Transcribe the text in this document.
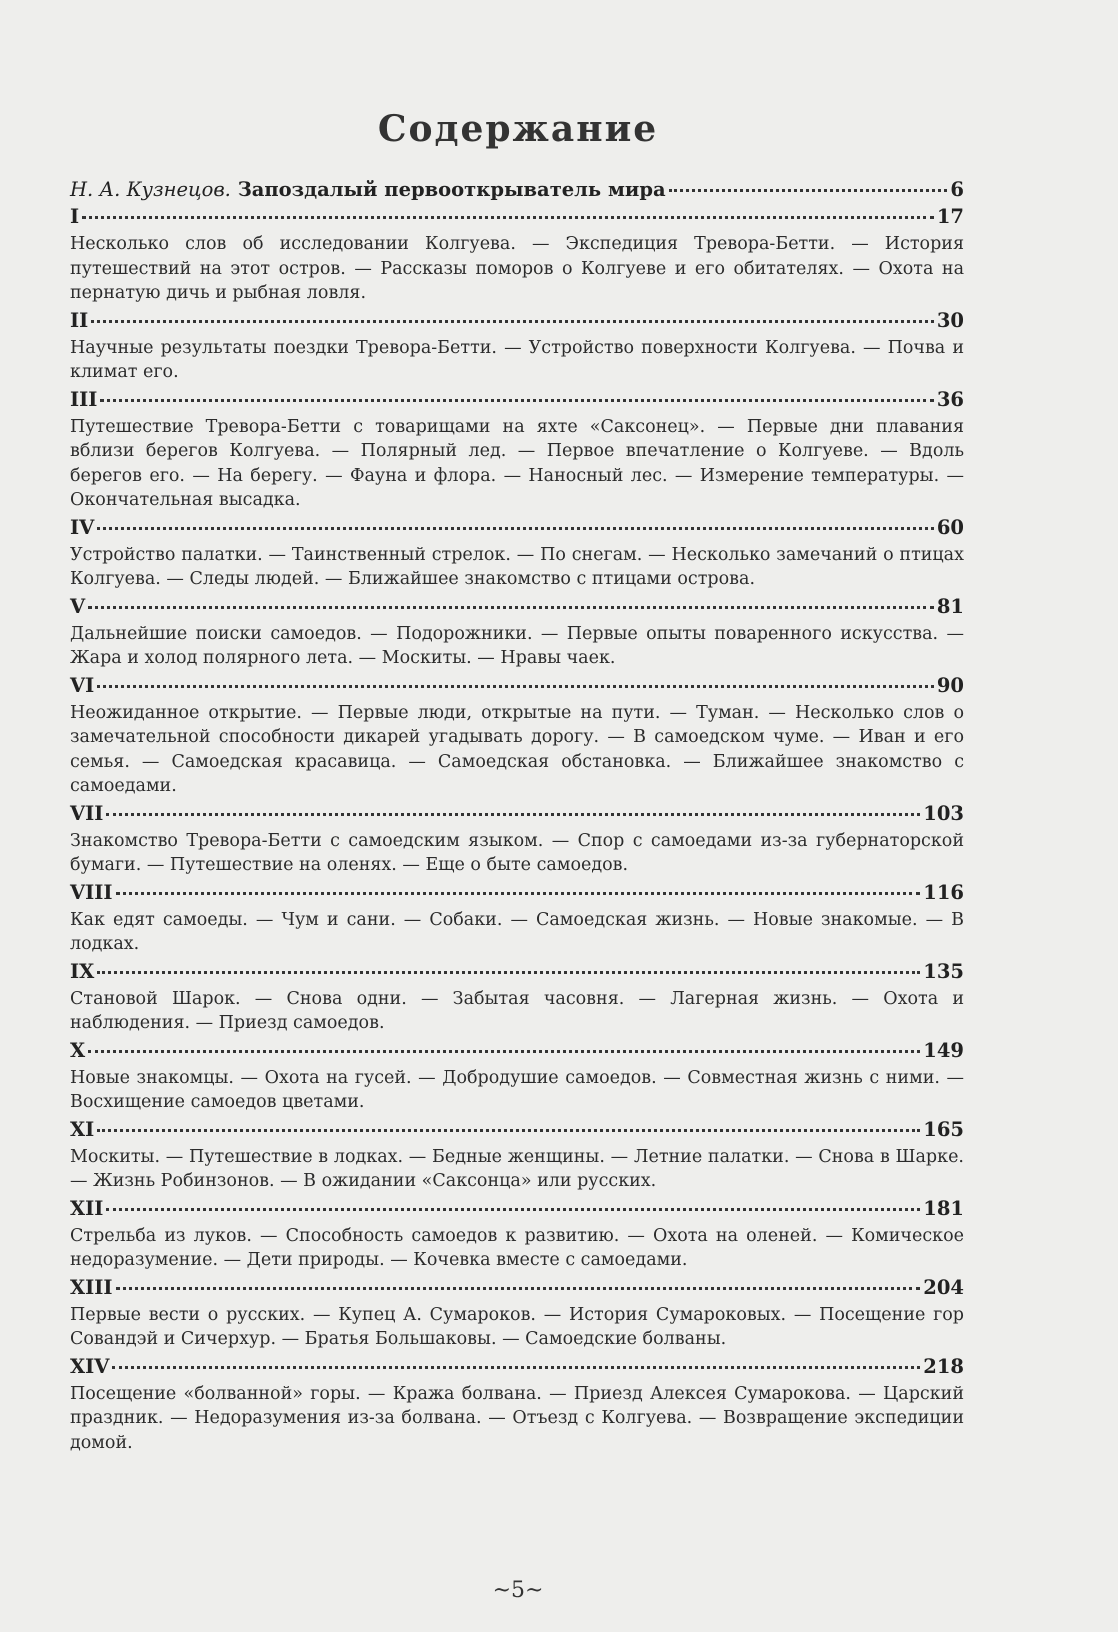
Содержание
Н. А. Кузнецов. Запоздалый первооткрыватель мира	6
I	17

Несколько слов об исследовании Колгуева. — Экспедиция Тревора-Бетти. — История путешествий на этот остров. — Рассказы поморов о Колгуеве и его обитателях. — Охота на пернатую дичь и рыбная ловля.

II	30

Научные результаты поездки Тревора-Бетти. — Устройство поверхности Колгуева. — Почва и климат его.

III	36

Путешествие Тревора-Бетти с товарищами на яхте «Саксонец». — Первые дни плавания вблизи берегов Колгуева. — Полярный лед. — Первое впечатление о Колгуеве. — Вдоль берегов его. — На берегу. — Фауна и флора. — Наносный лес. — Измерение температуры. — Окончательная высадка.

IV	60

Устройство палатки. — Таинственный стрелок. — По снегам. — Несколько замечаний о птицах Колгуева. — Следы людей. — Ближайшее знакомство с птицами острова.

V	81

Дальнейшие поиски самоедов. — Подорожники. — Первые опыты поваренного искусства. — Жара и холод полярного лета. — Москиты. — Нравы чаек.

VI	90

Неожиданное открытие. — Первые люди, открытые на пути. — Туман. — Несколько слов о замечательной способности дикарей угадывать дорогу. — В самоедском чуме. — Иван и его семья. — Самоедская красавица. — Самоедская обстановка. — Ближайшее знакомство с самоедами.

VII	103

Знакомство Тревора-Бетти с самоедским языком. — Спор с самоедами из-за губернаторской бумаги. — Путешествие на оленях. — Еще о быте самоедов.

VIII	116

Как едят самоеды. — Чум и сани. — Собаки. — Самоедская жизнь. — Новые знакомые. — В лодках.

IX	135

Становой Шарок. — Снова одни. — Забытая часовня. — Лагерная жизнь. — Охота и наблюдения. — Приезд самоедов.

X	149

Новые знакомцы. — Охота на гусей. — Добродушие самоедов. — Совместная жизнь с ними. — Восхищение самоедов цветами.

XI	165

Москиты. — Путешествие в лодках. — Бедные женщины. — Летние палатки. — Снова в Шарке. — Жизнь Робинзонов. — В ожидании «Саксонца» или русских.

XII	181

Стрельба из луков. — Способность самоедов к развитию. — Охота на оленей. — Комическое недоразумение. — Дети природы. — Кочевка вместе с самоедами.

XIII	204

Первые вести о русских. — Купец А. Сумароков. — История Сумароковых. — Посещение гор Совандэй и Сичерхур. — Братья Большаковы. — Самоедские болваны.

XIV	218

Посещение «болванной» горы. — Кража болвана. — Приезд Алексея Сумарокова. — Царский праздник. — Недоразумения из-за болвана. — Отъезд с Колгуева. — Возвращение экспедиции домой.

~5~
